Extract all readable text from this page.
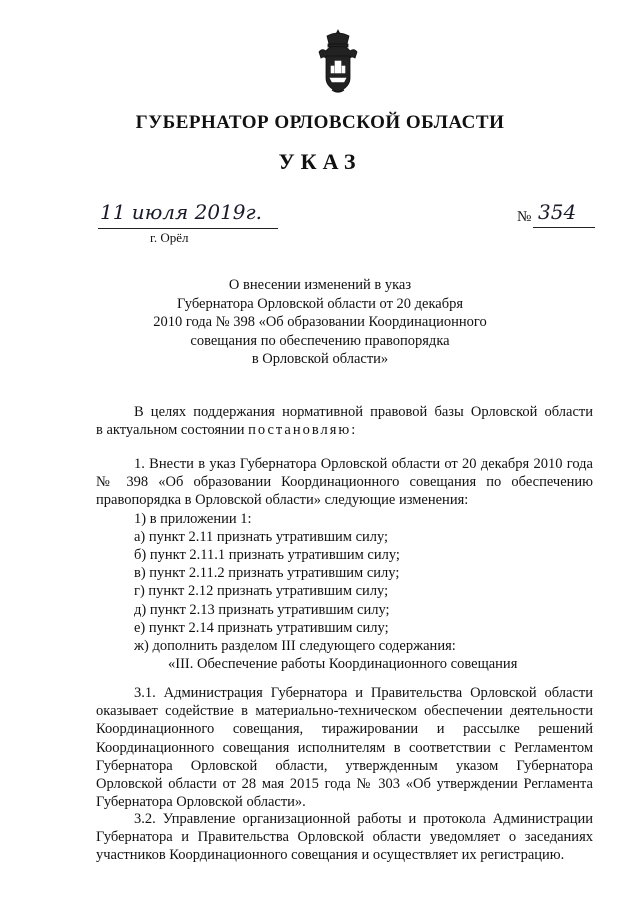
ГУБЕРНАТОР ОРЛОВСКОЙ ОБЛАСТИ
УКАЗ
11 июля 2019г.
г. Орёл
№ 354
О внесении изменений в указ
Губернатора Орловской области от 20 декабря
2010 года № 398 «Об образовании Координационного
совещания по обеспечению правопорядка
в Орловской области»
В целях поддержания нормативной правовой базы Орловской области
в актуальном состоянии постановляю:
1. Внести в указ Губернатора Орловской области от 20 декабря 2010 года
№ 398 «Об образовании Координационного совещания по обеспечению
правопорядка в Орловской области» следующие изменения:
1) в приложении 1:
а) пункт 2.11 признать утратившим силу;
б) пункт 2.11.1 признать утратившим силу;
в) пункт 2.11.2 признать утратившим силу;
г) пункт 2.12 признать утратившим силу;
д) пункт 2.13 признать утратившим силу;
е) пункт 2.14 признать утратившим силу;
ж) дополнить разделом III следующего содержания:
«III. Обеспечение работы Координационного совещания
3.1. Администрация Губернатора и Правительства Орловской области
оказывает содействие в материально-техническом обеспечении деятельности
Координационного совещания, тиражировании и рассылке решений
Координационного совещания исполнителям в соответствии с Регламентом
Губернатора Орловской области, утвержденным указом Губернатора
Орловской области от 28 мая 2015 года № 303 «Об утверждении Регламента
Губернатора Орловской области».
3.2. Управление организационной работы и протокола Администрации
Губернатора и Правительства Орловской области уведомляет о заседаниях
участников Координационного совещания и осуществляет их регистрацию.
